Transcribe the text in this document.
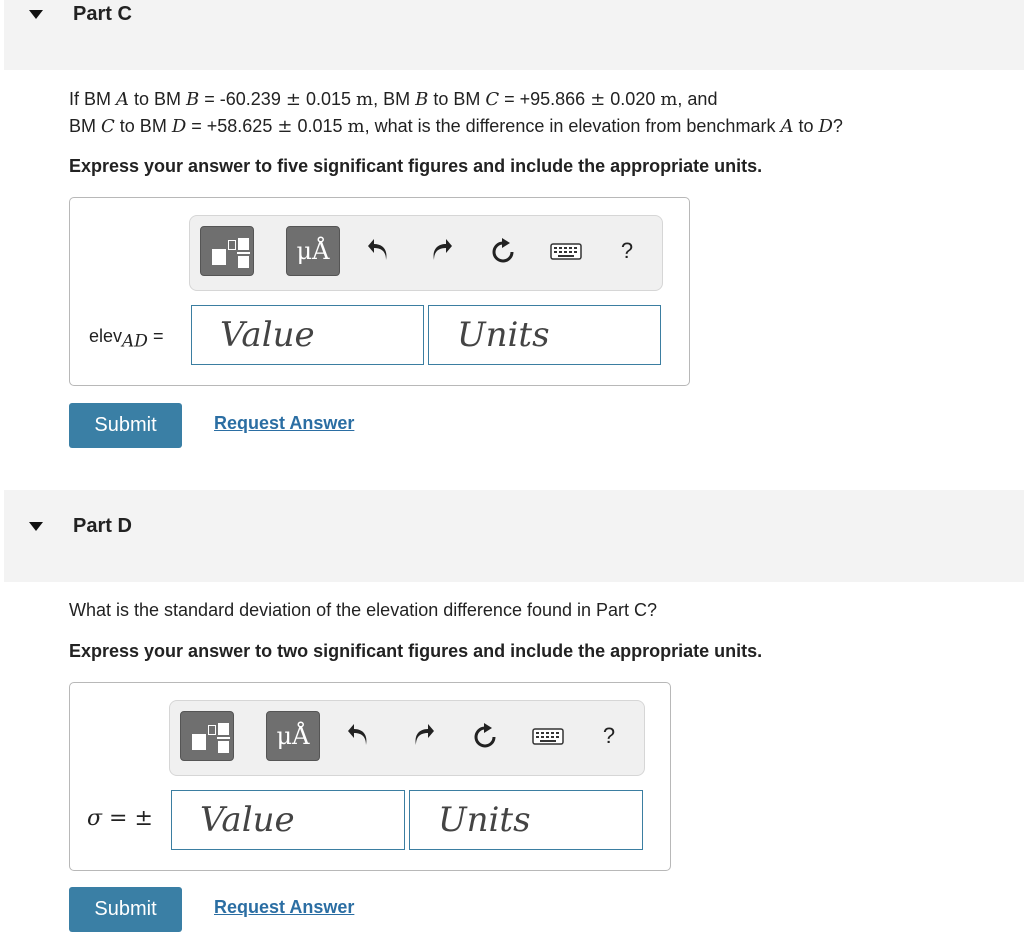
Part C
If BM A to BM B = -60.239 ± 0.015 m, BM B to BM C = +95.866 ± 0.020 m, and
BM C to BM D = +58.625 ± 0.015 m, what is the difference in elevation from benchmark A to D?
Express your answer to five significant figures and include the appropriate units.
μÅ	?
elev$_{AD}$ =
Value
Units
Submit	Request Answer
Part D
What is the standard deviation of the elevation difference found in Part C?
Express your answer to two significant figures and include the appropriate units.
μÅ	?
σ = ±
Value
Units
Submit	Request Answer
